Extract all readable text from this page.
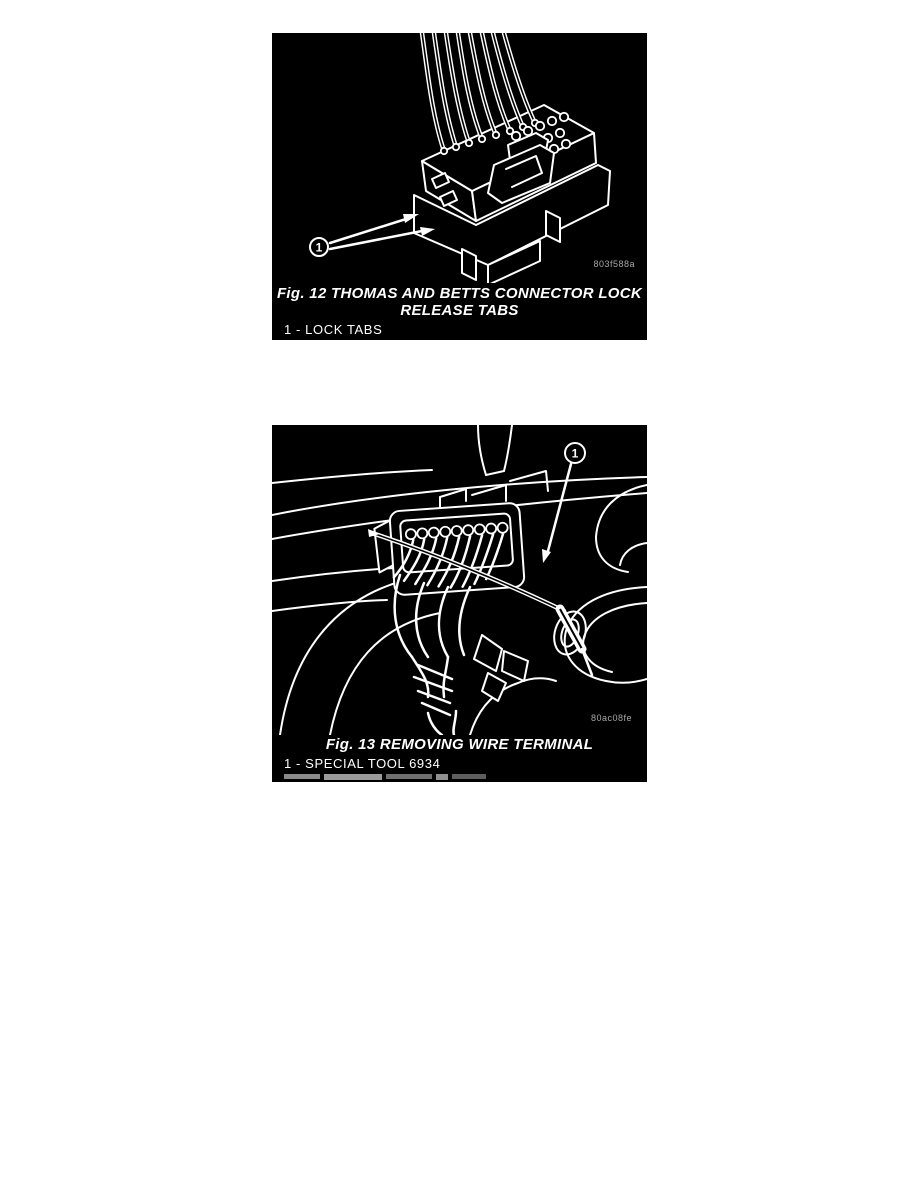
1
803f588a
Fig. 12 THOMAS AND BETTS CONNECTOR LOCK
RELEASE TABS
1 - LOCK TABS
1
80ac08fe
Fig. 13 REMOVING WIRE TERMINAL
1 - SPECIAL TOOL 6934
